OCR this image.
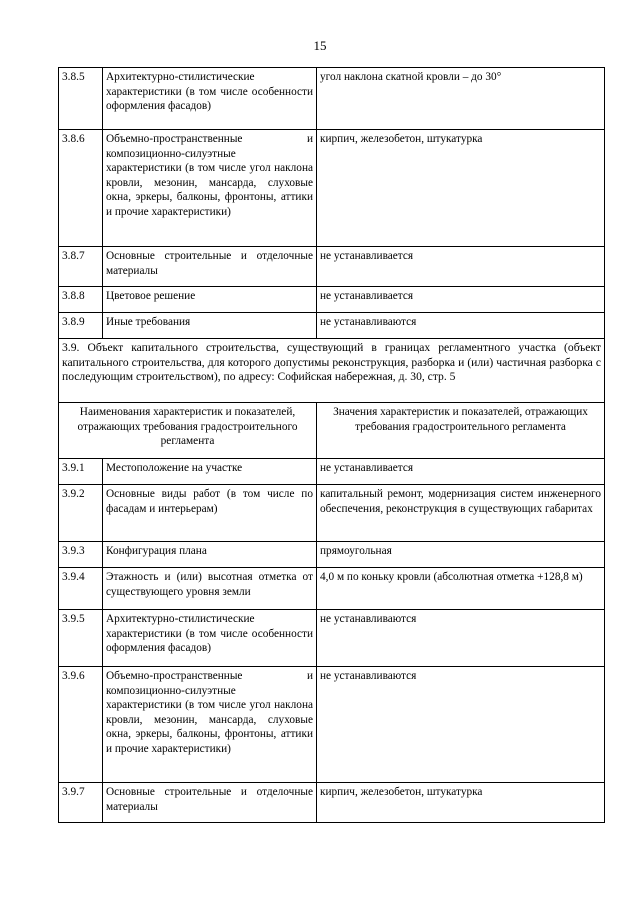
15
3.8.5	Архитектурно-стилистические характеристики (в том числе особенности оформления фасадов)	угол наклона скатной кровли – до 30°
3.8.6	Объемно-пространственные и композиционно-силуэтные характеристики (в том числе угол наклона кровли, мезонин, мансарда, слуховые окна, эркеры, балконы, фронтоны, аттики и прочие характеристики)	кирпич, железобетон, штукатурка
3.8.7	Основные строительные и отделочные материалы	не устанавливается
3.8.8	Цветовое решение	не устанавливается
3.8.9	Иные требования	не устанавливаются
3.9. Объект капитального строительства, существующий в границах регламентного участка (объект капитального строительства, для которого допустимы реконструкция, разборка и (или) частичная разборка с последующим строительством), по адресу: Софийская набережная, д. 30, стр. 5		
Наименования характеристик и показателей, отражающих требования градостроительного регламента		Значения характеристик и показателей, отражающих требования градостроительного регламента
3.9.1	Местоположение на участке	не устанавливается
3.9.2	Основные виды работ (в том числе по фасадам и интерьерам)	капитальный ремонт, модернизация систем инженерного обеспечения, реконструкция в существующих габаритах
3.9.3	Конфигурация плана	прямоугольная
3.9.4	Этажность и (или) высотная отметка от существующего уровня земли	4,0 м по коньку кровли (абсолютная отметка +128,8 м)
3.9.5	Архитектурно-стилистические характеристики (в том числе особенности оформления фасадов)	не устанавливаются
3.9.6	Объемно-пространственные и композиционно-силуэтные характеристики (в том числе угол наклона кровли, мезонин, мансарда, слуховые окна, эркеры, балконы, фронтоны, аттики и прочие характеристики)	не устанавливаются
3.9.7	Основные строительные и отделочные материалы	кирпич, железобетон, штукатурка
